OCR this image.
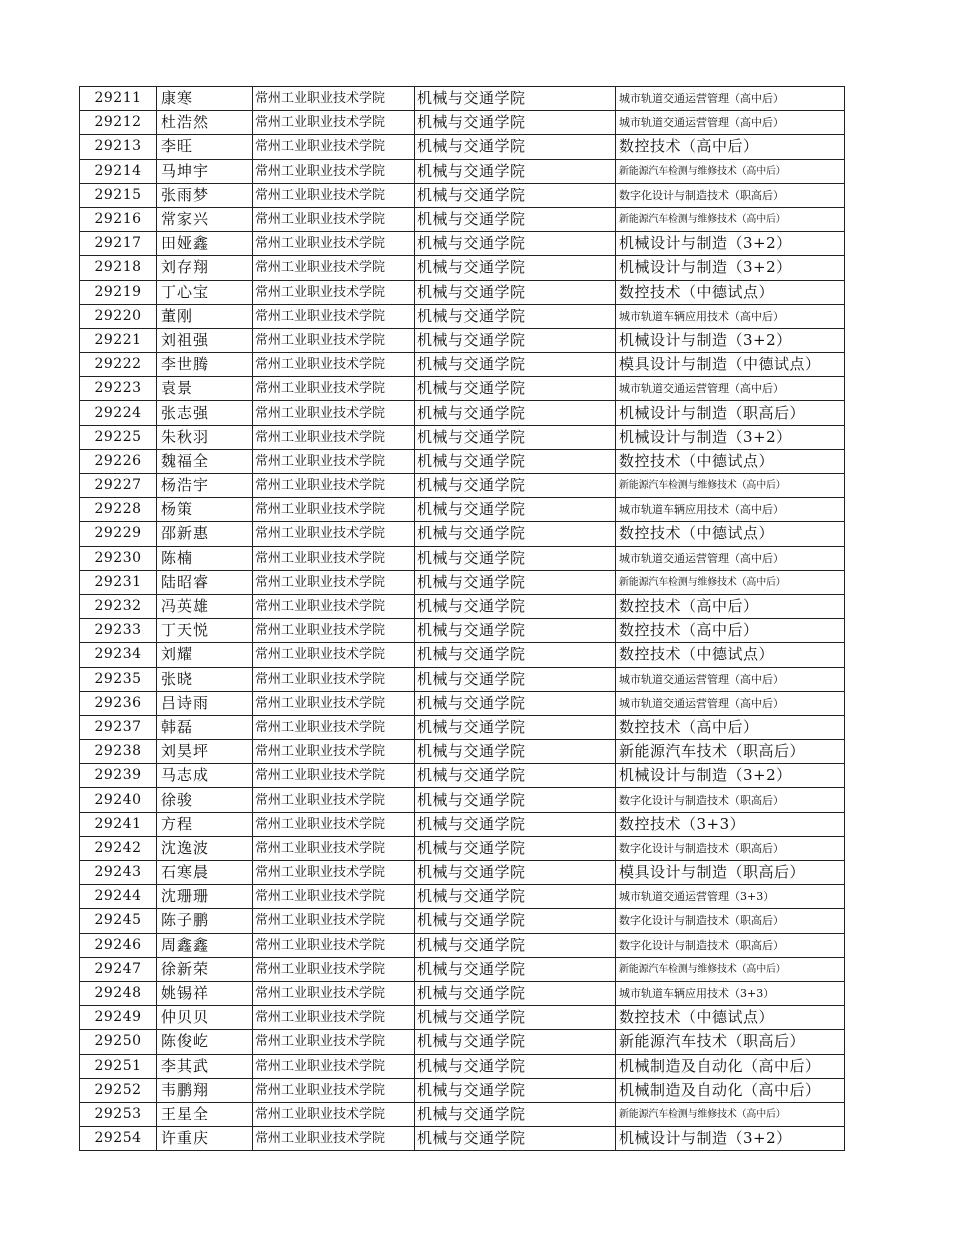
29211	康寒	常州工业职业技术学院	机械与交通学院	城市轨道交通运营管理（高中后）
29212	杜浩然	常州工业职业技术学院	机械与交通学院	城市轨道交通运营管理（高中后）
29213	李旺	常州工业职业技术学院	机械与交通学院	数控技术（高中后）
29214	马坤宇	常州工业职业技术学院	机械与交通学院	新能源汽车检测与维修技术（高中后）
29215	张雨梦	常州工业职业技术学院	机械与交通学院	数字化设计与制造技术（职高后）
29216	常家兴	常州工业职业技术学院	机械与交通学院	新能源汽车检测与维修技术（高中后）
29217	田娅鑫	常州工业职业技术学院	机械与交通学院	机械设计与制造（3+2）
29218	刘存翔	常州工业职业技术学院	机械与交通学院	机械设计与制造（3+2）
29219	丁心宝	常州工业职业技术学院	机械与交通学院	数控技术（中德试点）
29220	董刚	常州工业职业技术学院	机械与交通学院	城市轨道车辆应用技术（高中后）
29221	刘祖强	常州工业职业技术学院	机械与交通学院	机械设计与制造（3+2）
29222	李世腾	常州工业职业技术学院	机械与交通学院	模具设计与制造（中德试点）
29223	袁景	常州工业职业技术学院	机械与交通学院	城市轨道交通运营管理（高中后）
29224	张志强	常州工业职业技术学院	机械与交通学院	机械设计与制造（职高后）
29225	朱秋羽	常州工业职业技术学院	机械与交通学院	机械设计与制造（3+2）
29226	魏福全	常州工业职业技术学院	机械与交通学院	数控技术（中德试点）
29227	杨浩宇	常州工业职业技术学院	机械与交通学院	新能源汽车检测与维修技术（高中后）
29228	杨策	常州工业职业技术学院	机械与交通学院	城市轨道车辆应用技术（高中后）
29229	邵新惠	常州工业职业技术学院	机械与交通学院	数控技术（中德试点）
29230	陈楠	常州工业职业技术学院	机械与交通学院	城市轨道交通运营管理（高中后）
29231	陆昭睿	常州工业职业技术学院	机械与交通学院	新能源汽车检测与维修技术（高中后）
29232	冯英雄	常州工业职业技术学院	机械与交通学院	数控技术（高中后）
29233	丁天悦	常州工业职业技术学院	机械与交通学院	数控技术（高中后）
29234	刘耀	常州工业职业技术学院	机械与交通学院	数控技术（中德试点）
29235	张晓	常州工业职业技术学院	机械与交通学院	城市轨道交通运营管理（高中后）
29236	吕诗雨	常州工业职业技术学院	机械与交通学院	城市轨道交通运营管理（高中后）
29237	韩磊	常州工业职业技术学院	机械与交通学院	数控技术（高中后）
29238	刘昊坪	常州工业职业技术学院	机械与交通学院	新能源汽车技术（职高后）
29239	马志成	常州工业职业技术学院	机械与交通学院	机械设计与制造（3+2）
29240	徐骏	常州工业职业技术学院	机械与交通学院	数字化设计与制造技术（职高后）
29241	方程	常州工业职业技术学院	机械与交通学院	数控技术（3+3）
29242	沈逸波	常州工业职业技术学院	机械与交通学院	数字化设计与制造技术（职高后）
29243	石寒晨	常州工业职业技术学院	机械与交通学院	模具设计与制造（职高后）
29244	沈珊珊	常州工业职业技术学院	机械与交通学院	城市轨道交通运营管理（3+3）
29245	陈子鹏	常州工业职业技术学院	机械与交通学院	数字化设计与制造技术（职高后）
29246	周鑫鑫	常州工业职业技术学院	机械与交通学院	数字化设计与制造技术（职高后）
29247	徐新荣	常州工业职业技术学院	机械与交通学院	新能源汽车检测与维修技术（高中后）
29248	姚锡祥	常州工业职业技术学院	机械与交通学院	城市轨道车辆应用技术（3+3）
29249	仲贝贝	常州工业职业技术学院	机械与交通学院	数控技术（中德试点）
29250	陈俊屹	常州工业职业技术学院	机械与交通学院	新能源汽车技术（职高后）
29251	李其武	常州工业职业技术学院	机械与交通学院	机械制造及自动化（高中后）
29252	韦鹏翔	常州工业职业技术学院	机械与交通学院	机械制造及自动化（高中后）
29253	王星全	常州工业职业技术学院	机械与交通学院	新能源汽车检测与维修技术（高中后）
29254	许重庆	常州工业职业技术学院	机械与交通学院	机械设计与制造（3+2）
